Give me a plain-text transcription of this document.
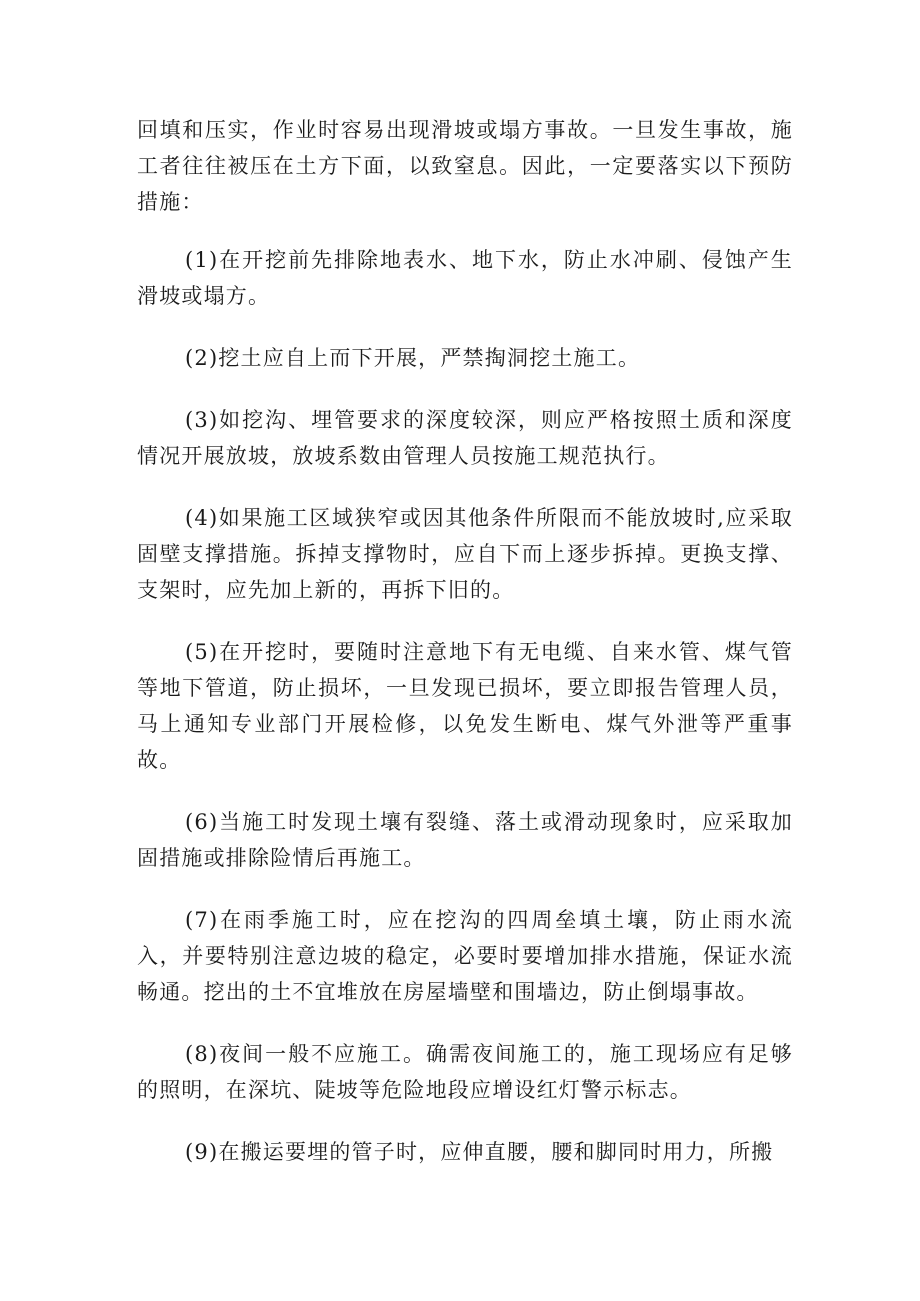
回填和压实，作业时容易出现滑坡或塌方事故。一旦发生事故，施工者往往被压在土方下面，以致窒息。因此，一定要落实以下预防措施：

(1)在开挖前先排除地表水、地下水，防止水冲刷、侵蚀产生滑坡或塌方。

(2)挖土应自上而下开展，严禁掏洞挖土施工。

(3)如挖沟、埋管要求的深度较深，则应严格按照土质和深度情况开展放坡，放坡系数由管理人员按施工规范执行。

(4)如果施工区域狭窄或因其他条件所限而不能放坡时,应采取固壁支撑措施。拆掉支撑物时，应自下而上逐步拆掉。更换支撑、支架时，应先加上新的，再拆下旧的。

(5)在开挖时，要随时注意地下有无电缆、自来水管、煤气管等地下管道，防止损坏，一旦发现已损坏，要立即报告管理人员，马上通知专业部门开展检修，以免发生断电、煤气外泄等严重事故。

(6)当施工时发现土壤有裂缝、落土或滑动现象时，应采取加固措施或排除险情后再施工。

(7)在雨季施工时，应在挖沟的四周垒填土壤，防止雨水流入，并要特别注意边坡的稳定，必要时要增加排水措施，保证水流畅通。挖出的土不宜堆放在房屋墙壁和围墙边，防止倒塌事故。

(8)夜间一般不应施工。确需夜间施工的，施工现场应有足够的照明，在深坑、陡坡等危险地段应增设红灯警示标志。

(9)在搬运要埋的管子时，应伸直腰，腰和脚同时用力，所搬
